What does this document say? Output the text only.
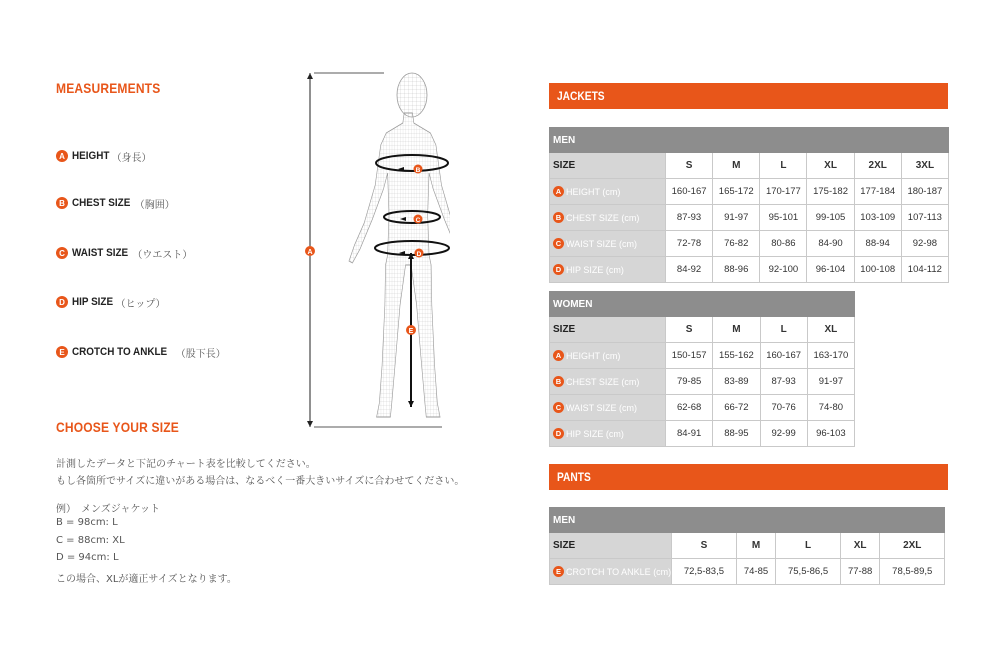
MEASUREMENTS
A HEIGHT （身長）
B CHEST SIZE （胸囲）
C WAIST SIZE （ウエスト）
D HIP SIZE （ヒップ）
E CROTCH TO ANKLE （股下長）
CHOOSE YOUR SIZE
計測したデータと下記のチャート表を比較してください。
もし各箇所でサイズに違いがある場合は、なるべく一番大きいサイズに合わせてください。
例）　メンズジャケット
B = 98cm: L
C = 88cm: XL
D = 94cm: L
この場合、XLが適正サイズとなります。
A
B
C
D
E
JACKETS
MEN						
SIZE	S	M	L	XL	2XL	3XL

A HEIGHT (cm)	160-167	165-172	170-177	175-182	177-184	180-187

B CHEST SIZE (cm)	87-93	91-97	95-101	99-105	103-109	107-113

C WAIST SIZE (cm)	72-78	76-82	80-86	84-90	88-94	92-98

D HIP SIZE (cm)	84-92	88-96	92-100	96-104	100-108	104-112
WOMEN				
SIZE	S	M	L	XL

A HEIGHT (cm)	150-157	155-162	160-167	163-170

B CHEST SIZE (cm)	79-85	83-89	87-93	91-97

C WAIST SIZE (cm)	62-68	66-72	70-76	74-80

D HIP SIZE (cm)	84-91	88-95	92-99	96-103
PANTS
MEN					
SIZE	S	M	L	XL	2XL

E CROTCH TO ANKLE (cm)	72,5-83,5	74-85	75,5-86,5	77-88	78,5-89,5
